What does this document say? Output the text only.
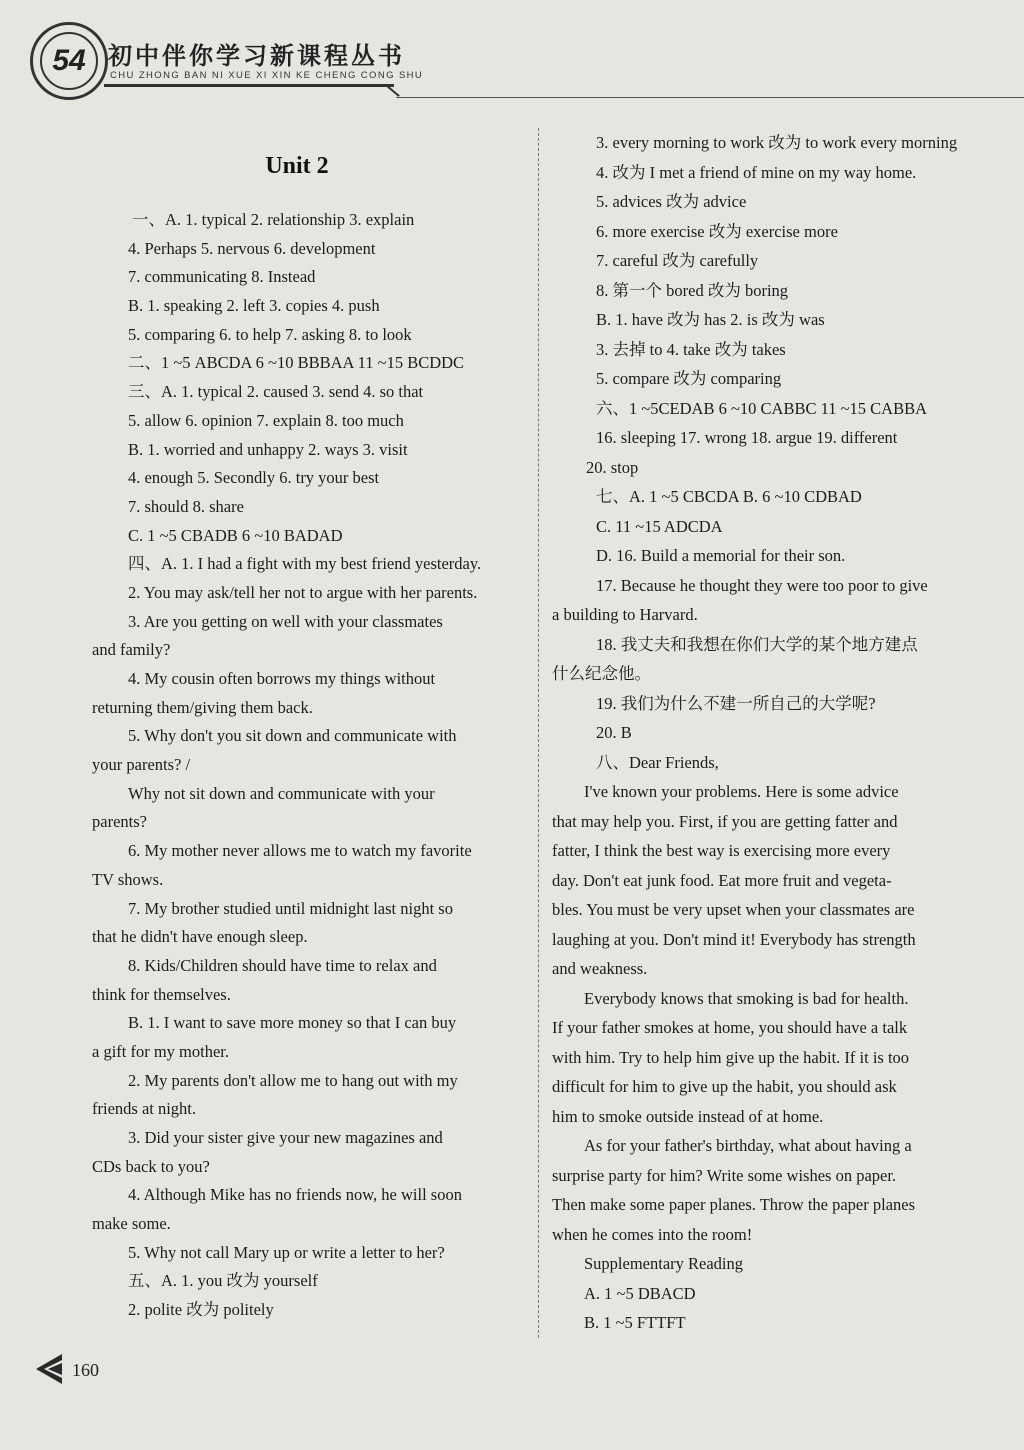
54 初中伴你学习新课程丛书
CHU ZHONG BAN NI XUE XI XIN KE CHENG CONG SHU
Unit 2
一、A. 1. typical 2. relationship 3. explain
4. Perhaps 5. nervous 6. development
7. communicating 8. Instead
B. 1. speaking 2. left 3. copies 4. push
5. comparing 6. to help 7. asking 8. to look
二、1 ~5 ABCDA 6 ~10 BBBAA 11 ~15 BCDDC
三、A. 1. typical 2. caused 3. send 4. so that
5. allow 6. opinion 7. explain 8. too much
B. 1. worried and unhappy 2. ways 3. visit
4. enough 5. Secondly 6. try your best
7. should 8. share
C. 1 ~5 CBADB 6 ~10 BADAD
四、A. 1. I had a fight with my best friend yesterday.
2. You may ask/tell her not to argue with her parents.
3. Are you getting on well with your classmates
and family?
4. My cousin often borrows my things without
returning them/giving them back.
5. Why don't you sit down and communicate with
your parents? /
Why not sit down and communicate with your
parents?
6. My mother never allows me to watch my favorite
TV shows.
7. My brother studied until midnight last night so
that he didn't have enough sleep.
8. Kids/Children should have time to relax and
think for themselves.
B. 1. I want to save more money so that I can buy
a gift for my mother.
2. My parents don't allow me to hang out with my
friends at night.
3. Did your sister give your new magazines and
CDs back to you?
4. Although Mike has no friends now, he will soon
make some.
5. Why not call Mary up or write a letter to her?
五、A. 1. you 改为 yourself
2. polite 改为 politely
3. every morning to work 改为 to work every morning
4. 改为 I met a friend of mine on my way home.
5. advices 改为 advice
6. more exercise 改为 exercise more
7. careful 改为 carefully
8. 第一个 bored 改为 boring
B. 1. have 改为 has 2. is 改为 was
3. 去掉 to 4. take 改为 takes
5. compare 改为 comparing
六、1 ~5CEDAB 6 ~10 CABBC 11 ~15 CABBA
16. sleeping 17. wrong 18. argue 19. different
20. stop
七、A. 1 ~5 CBCDA B. 6 ~10 CDBAD
C. 11 ~15 ADCDA
D. 16. Build a memorial for their son.
17. Because he thought they were too poor to give
a building to Harvard.
18. 我丈夫和我想在你们大学的某个地方建点
什么纪念他。
19. 我们为什么不建一所自己的大学呢?
20. B
八、Dear Friends,
I've known your problems. Here is some advice
that may help you. First, if you are getting fatter and
fatter, I think the best way is exercising more every
day. Don't eat junk food. Eat more fruit and vegeta-
bles. You must be very upset when your classmates are
laughing at you. Don't mind it! Everybody has strength
and weakness.
Everybody knows that smoking is bad for health.
If your father smokes at home, you should have a talk
with him. Try to help him give up the habit. If it is too
difficult for him to give up the habit, you should ask
him to smoke outside instead of at home.
As for your father's birthday, what about having a
surprise party for him? Write some wishes on paper.
Then make some paper planes. Throw the paper planes
when he comes into the room!
Supplementary Reading
A. 1 ~5 DBACD
B. 1 ~5 FTTFT
160
